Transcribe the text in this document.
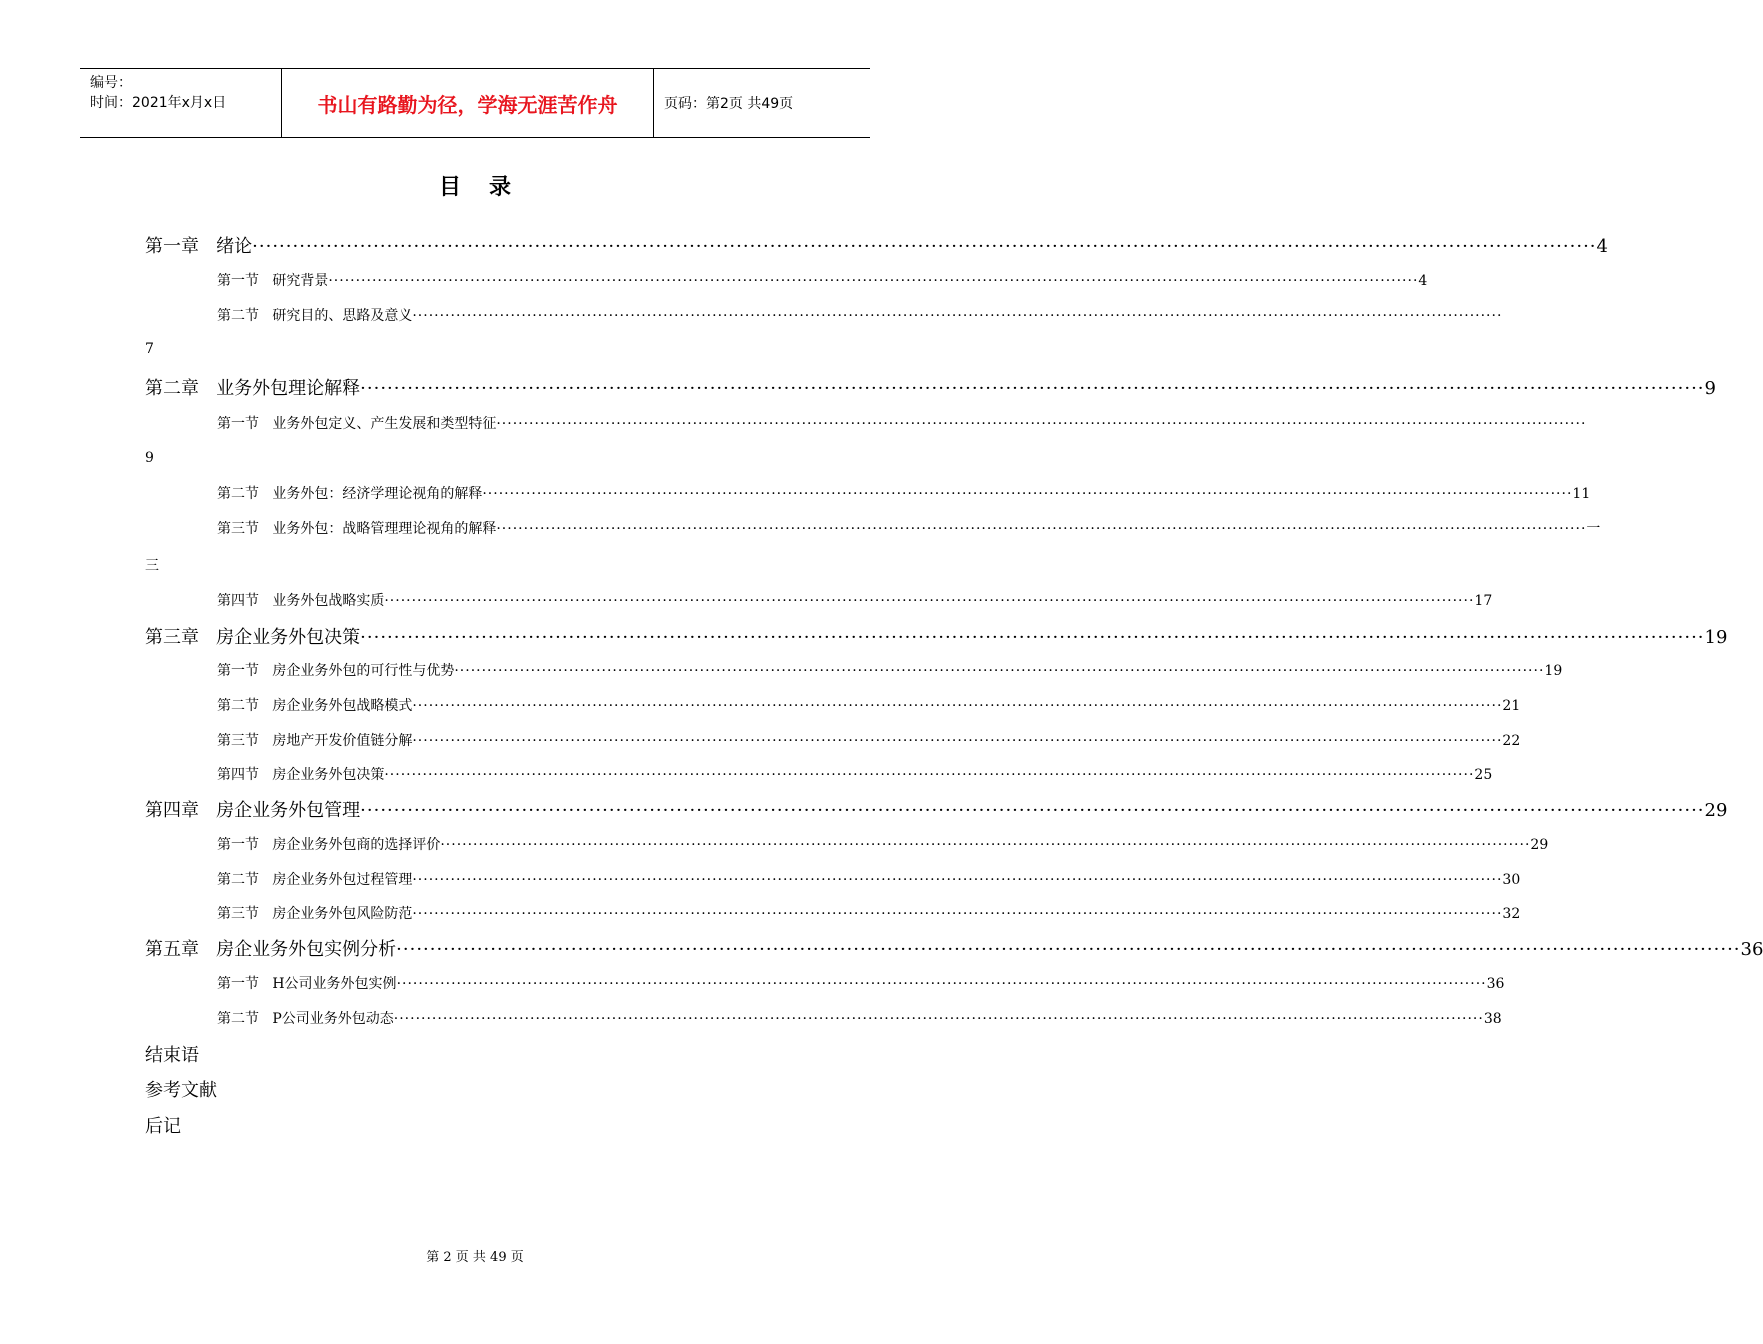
编号：
时间：2021年x月x日	书山有路勤为径，学海无涯苦作舟	页码：第2页 共49页
目录
第一章   绪论 ········································································································································································································ 4
第一节   研究背景 ········································································································································································································ 4
第二节   研究目的、思路及意义 ········································································································································································································
7
第二章   业务外包理论解释 ········································································································································································································ 9
第一节   业务外包定义、产生发展和类型特征 ········································································································································································································
9
第二节   业务外包：经济学理论视角的解释 ········································································································································································································ 11
第三节   业务外包：战略管理理论视角的解释 ········································································································································································································ 一
三
第四节   业务外包战略实质 ········································································································································································································ 17
第三章   房企业务外包决策 ········································································································································································································ 19
第一节   房企业务外包的可行性与优势 ········································································································································································································ 19
第二节   房企业务外包战略模式 ········································································································································································································ 21
第三节   房地产开发价值链分解 ········································································································································································································ 22
第四节   房企业务外包决策 ········································································································································································································ 25
第四章   房企业务外包管理 ········································································································································································································ 29
第一节   房企业务外包商的选择评价 ········································································································································································································ 29
第二节   房企业务外包过程管理 ········································································································································································································ 30
第三节   房企业务外包风险防范 ········································································································································································································ 32
第五章   房企业务外包实例分析 ········································································································································································································ 36
第一节   H公司业务外包实例 ········································································································································································································ 36
第二节   P公司业务外包动态 ········································································································································································································ 38
结束语
参考文献
后记
第 2 页 共 49 页
